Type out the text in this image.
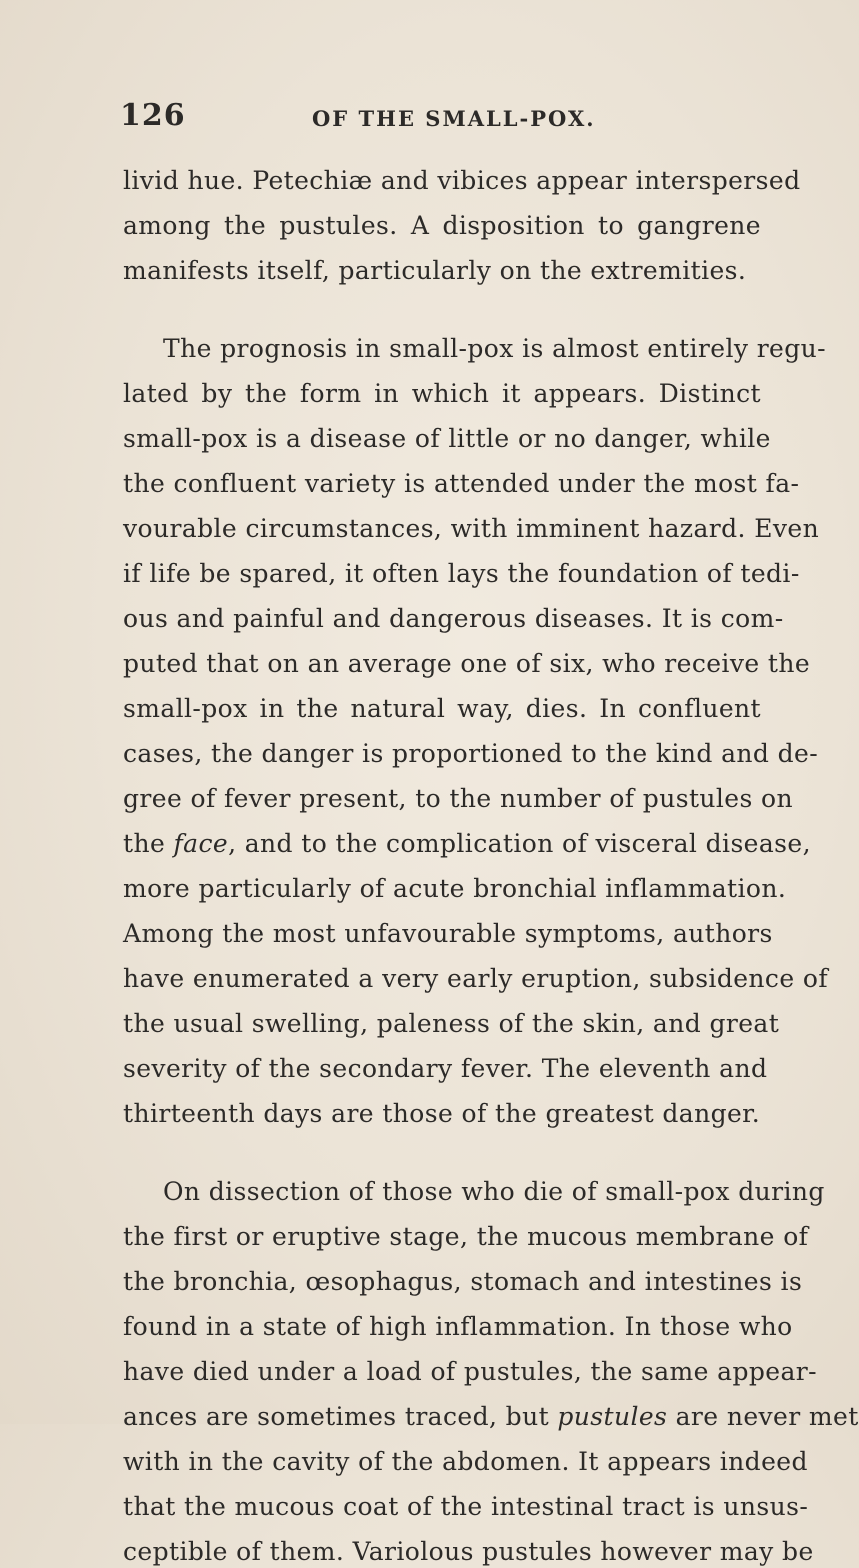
126	OF THE SMALL-POX.
livid hue. Petechiæ and vibices appear interspersed
among the pustules. A disposition to gangrene
manifests itself, particularly on the extremities.
The prognosis in small-pox is almost entirely regu-
lated by the form in which it appears. Distinct
small-pox is a disease of little or no danger, while
the confluent variety is attended under the most fa-
vourable circumstances, with imminent hazard. Even
if life be spared, it often lays the foundation of tedi-
ous and painful and dangerous diseases. It is com-
puted that on an average one of six, who receive the
small-pox in the natural way, dies. In confluent
cases, the danger is proportioned to the kind and de-
gree of fever present, to the number of pustules on
the face, and to the complication of visceral disease,
more particularly of acute bronchial inflammation.
Among the most unfavourable symptoms, authors
have enumerated a very early eruption, subsidence of
the usual swelling, paleness of the skin, and great
severity of the secondary fever. The eleventh and
thirteenth days are those of the greatest danger.
On dissection of those who die of small-pox during
the first or eruptive stage, the mucous membrane of
the bronchia, œsophagus, stomach and intestines is
found in a state of high inflammation. In those who
have died under a load of pustules, the same appear-
ances are sometimes traced, but pustules are never met
with in the cavity of the abdomen. It appears indeed
that the mucous coat of the intestinal tract is unsus-
ceptible of them. Variolous pustules however may be
